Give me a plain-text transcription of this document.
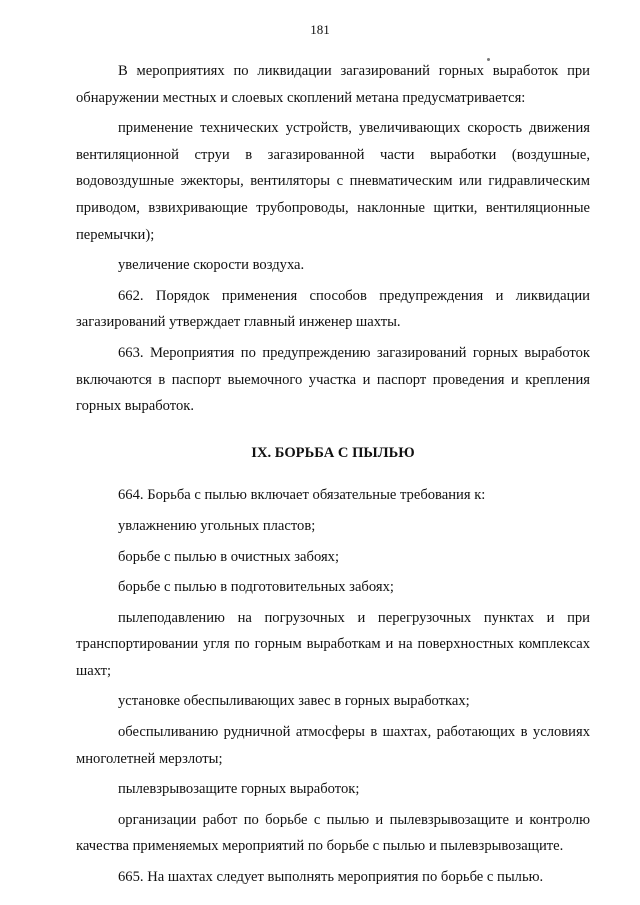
181

В мероприятиях по ликвидации загазирований горных выработок при обнаружении местных и слоевых скоплений метана предусматривается:

применение технических устройств, увеличивающих скорость движения вентиляционной струи в загазированной части выработки (воздушные, водовоздушные эжекторы, вентиляторы с пневматическим или гидравлическим приводом, взвихривающие трубопроводы, наклонные щитки, вентиляционные перемычки);

увеличение скорости воздуха.

662. Порядок применения способов предупреждения и ликвидации загазирований утверждает главный инженер шахты.

663. Мероприятия по предупреждению загазирований горных выработок включаются в паспорт выемочного участка и паспорт проведения и крепления горных выработок.

IX. БОРЬБА С ПЫЛЬЮ

664. Борьба с пылью включает обязательные требования к:

увлажнению угольных пластов;

борьбе с пылью в очистных забоях;

борьбе с пылью в подготовительных забоях;

пылеподавлению на погрузочных и перегрузочных пунктах и при транспортировании угля по горным выработкам и на поверхностных комплексах шахт;

установке обеспыливающих завес в горных выработках;

обеспыливанию рудничной атмосферы в шахтах, работающих в условиях многолетней мерзлоты;

пылевзрывозащите горных выработок;

организации работ по борьбе с пылью и пылевзрывозащите и контролю качества применяемых мероприятий по борьбе с пылью и пылевзрывозащите.

665. На шахтах следует выполнять мероприятия по борьбе с пылью.
